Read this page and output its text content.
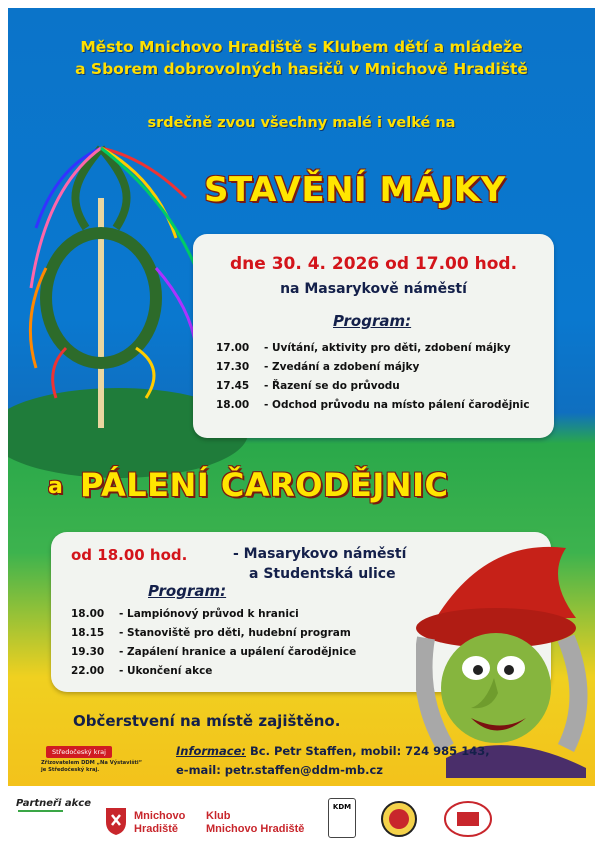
Město Mnichovo Hradiště s Klubem dětí a mládeže
a Sborem dobrovolných hasičů v Mnichově Hradiště
srdečně zvou všechny malé i velké na
STAVĚNÍ MÁJKY
dne 30. 4. 2026 od 17.00 hod.
na Masarykově náměstí
Program:
17.00	- Uvítání, aktivity pro děti, zdobení májky
17.30	- Zvedání a zdobení májky
17.45	- Řazení se do průvodu
18.00	- Odchod průvodu na místo pálení čarodějnic
a PÁLENÍ ČARODĚJNIC
od 18.00 hod.	- Masarykovo náměstí
a Studentská ulice
Program:
18.00	- Lampiónový průvod k hranici
18.15	- Stanoviště pro děti, hudební program
19.30	- Zapálení hranice a upálení čarodějnice
22.00	- Ukončení akce
Občerstvení na místě zajištěno.
Středočeský kraj
Zřizovatelem DDM „Na Výstavišti“
je Středočeský kraj.
Informace: Bc. Petr Staffen, mobil: 724 985 143,
e-mail: petr.staffen@ddm-mb.cz
Partneři akce
Mnichovo
Hradiště
Klub
Mnichovo Hradiště
KDM
